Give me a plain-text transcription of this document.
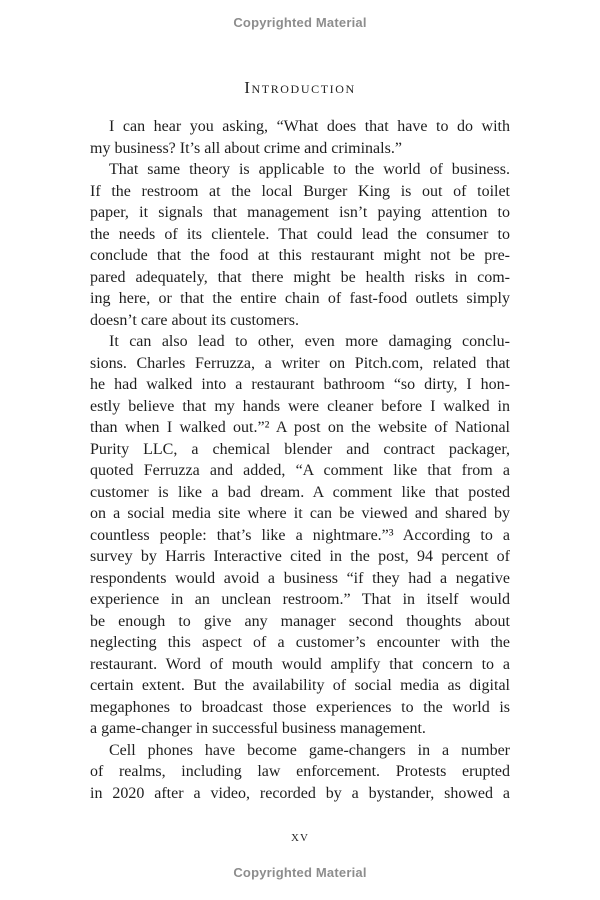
Copyrighted Material
Introduction
I can hear you asking, “What does that have to do with
my business? It’s all about crime and criminals.”
That same theory is applicable to the world of business.
If the restroom at the local Burger King is out of toilet
paper, it signals that management isn’t paying attention to
the needs of its clientele. That could lead the consumer to
conclude that the food at this restaurant might not be pre-
pared adequately, that there might be health risks in com-
ing here, or that the entire chain of fast-food outlets simply
doesn’t care about its customers.
It can also lead to other, even more damaging conclu-
sions. Charles Ferruzza, a writer on Pitch.com, related that
he had walked into a restaurant bathroom “so dirty, I hon-
estly believe that my hands were cleaner before I walked in
than when I walked out.”² A post on the website of National
Purity LLC, a chemical blender and contract packager,
quoted Ferruzza and added, “A comment like that from a
customer is like a bad dream. A comment like that posted
on a social media site where it can be viewed and shared by
countless people: that’s like a nightmare.”³ According to a
survey by Harris Interactive cited in the post, 94 percent of
respondents would avoid a business “if they had a negative
experience in an unclean restroom.” That in itself would
be enough to give any manager second thoughts about
neglecting this aspect of a customer’s encounter with the
restaurant. Word of mouth would amplify that concern to a
certain extent. But the availability of social media as digital
megaphones to broadcast those experiences to the world is
a game-changer in successful business management.
Cell phones have become game-changers in a number
of realms, including law enforcement. Protests erupted
in 2020 after a video, recorded by a bystander, showed a
xv
Copyrighted Material
